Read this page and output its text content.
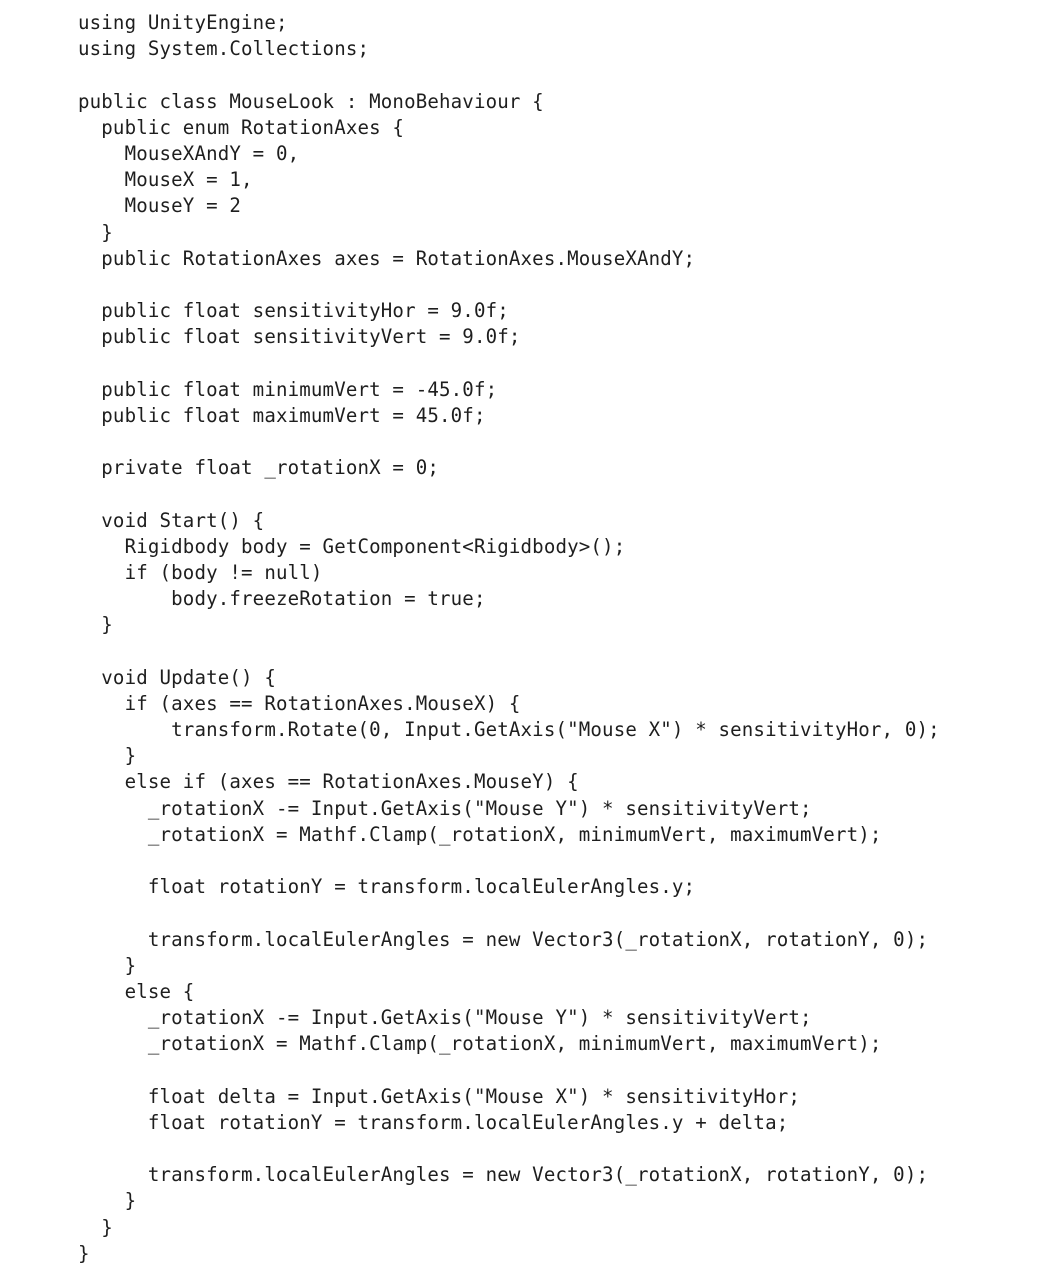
using UnityEngine;
using System.Collections;
public class MouseLook : MonoBehaviour {
public enum RotationAxes {
MouseXAndY = 0,
MouseX = 1,
MouseY = 2
}
public RotationAxes axes = RotationAxes.MouseXAndY;
public float sensitivityHor = 9.0f;
public float sensitivityVert = 9.0f;
public float minimumVert = -45.0f;
public float maximumVert = 45.0f;
private float _rotationX = 0;
void Start() {
Rigidbody body = GetComponent<Rigidbody>();
if (body != null)
body.freezeRotation = true;
}
void Update() {
if (axes == RotationAxes.MouseX) {
transform.Rotate(0, Input.GetAxis("Mouse X") * sensitivityHor, 0);
}
else if (axes == RotationAxes.MouseY) {
_rotationX -= Input.GetAxis("Mouse Y") * sensitivityVert;
_rotationX = Mathf.Clamp(_rotationX, minimumVert, maximumVert);
float rotationY = transform.localEulerAngles.y;
transform.localEulerAngles = new Vector3(_rotationX, rotationY, 0);
}
else {
_rotationX -= Input.GetAxis("Mouse Y") * sensitivityVert;
_rotationX = Mathf.Clamp(_rotationX, minimumVert, maximumVert);
float delta = Input.GetAxis("Mouse X") * sensitivityHor;
float rotationY = transform.localEulerAngles.y + delta;
transform.localEulerAngles = new Vector3(_rotationX, rotationY, 0);
}
}
}
